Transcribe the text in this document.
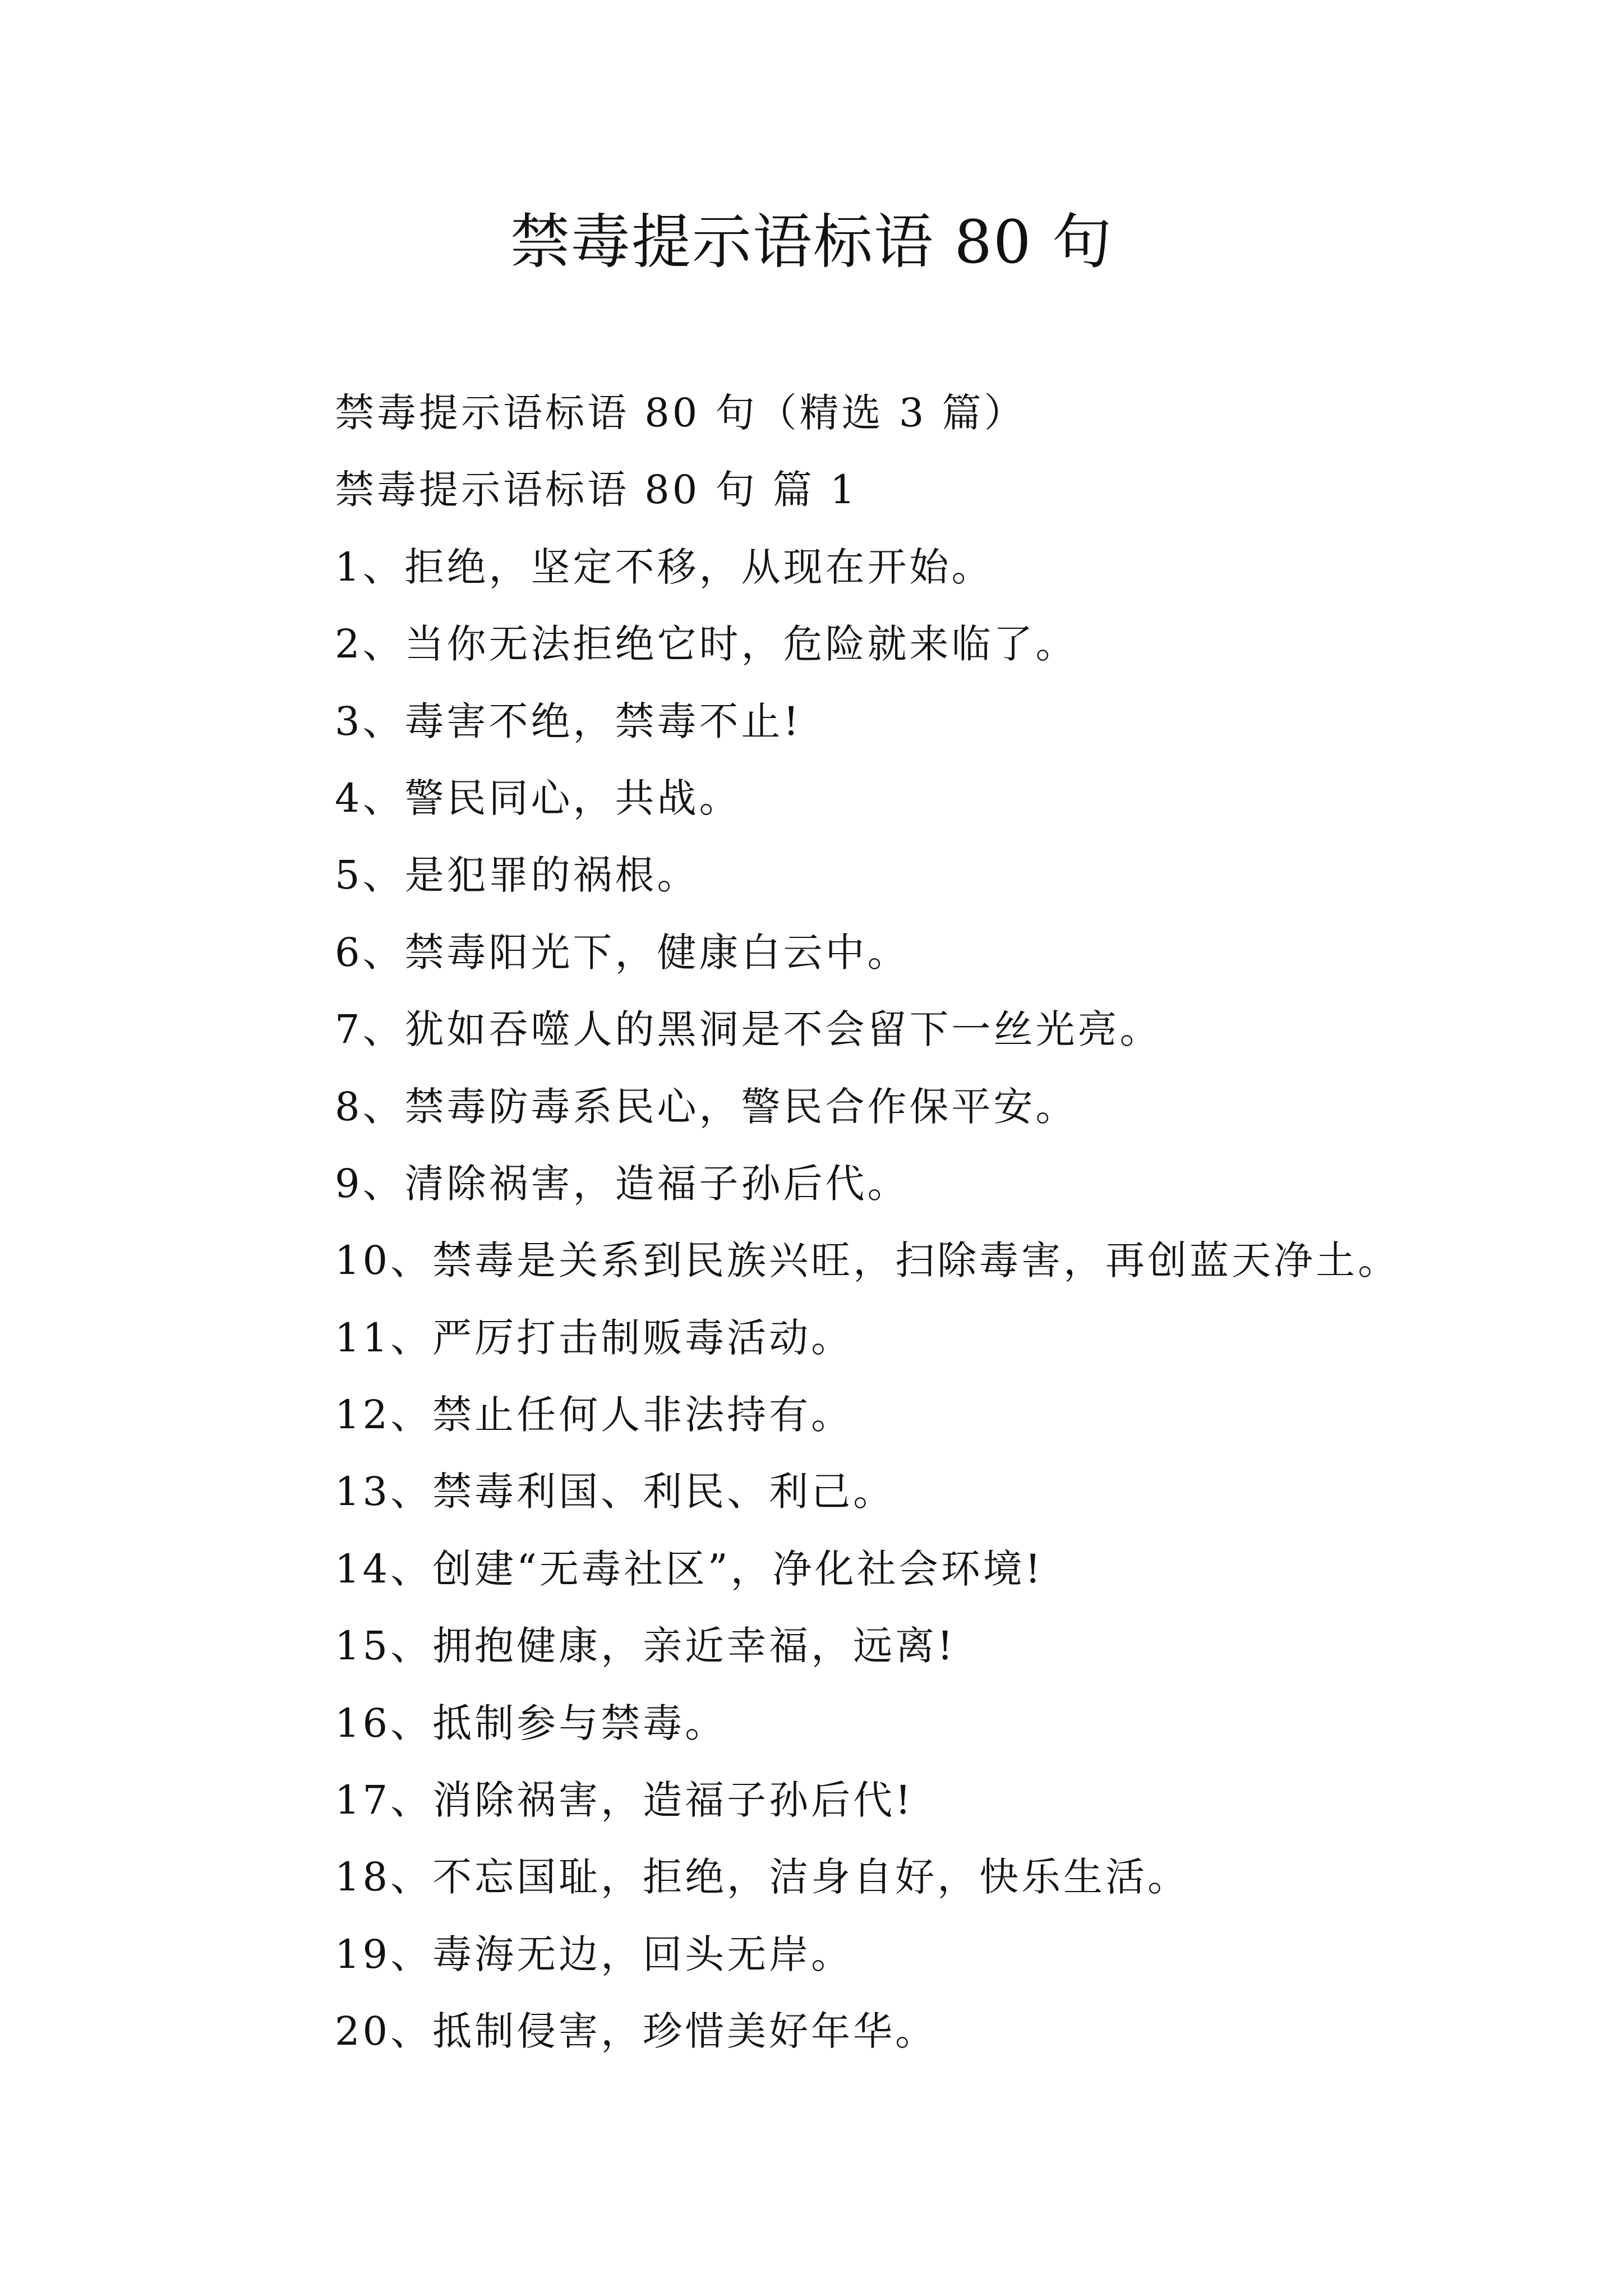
禁毒提示语标语 80 句
禁毒提示语标语 80 句（精选 3 篇）
禁毒提示语标语 80 句 篇 1
1、拒绝，坚定不移，从现在开始。
2、当你无法拒绝它时，危险就来临了。
3、毒害不绝，禁毒不止!
4、警民同心，共战。
5、是犯罪的祸根。
6、禁毒阳光下，健康白云中。
7、犹如吞噬人的黑洞是不会留下一丝光亮。
8、禁毒防毒系民心，警民合作保平安。
9、清除祸害，造福子孙后代。
10、禁毒是关系到民族兴旺，扫除毒害，再创蓝天净土。
11、严厉打击制贩毒活动。
12、禁止任何人非法持有。
13、禁毒利国、利民、利己。
14、创建“无毒社区”，净化社会环境!
15、拥抱健康，亲近幸福，远离!
16、抵制参与禁毒。
17、消除祸害，造福子孙后代!
18、不忘国耻，拒绝，洁身自好，快乐生活。
19、毒海无边，回头无岸。
20、抵制侵害，珍惜美好年华。
